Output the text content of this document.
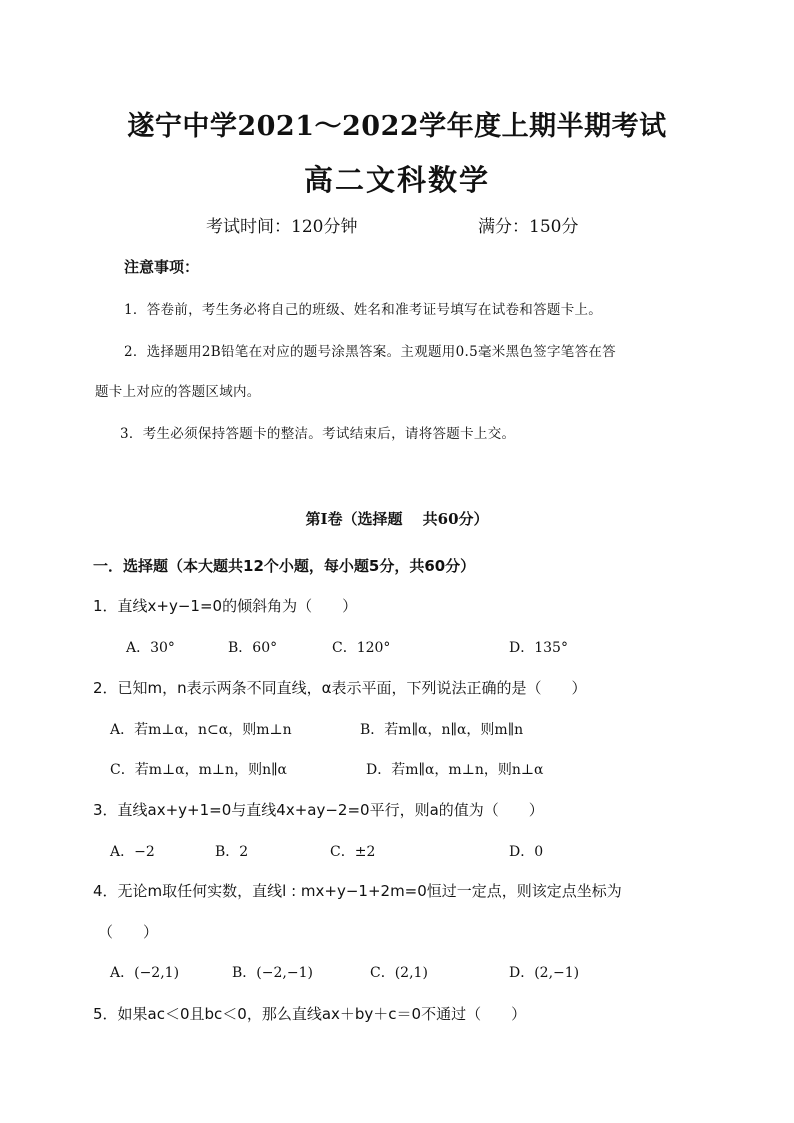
遂宁中学2021～2022学年度上期半期考试
高二文科数学
考试时间：120分钟	满分：150分
注意事项：
1．答卷前，考生务必将自己的班级、姓名和准考证号填写在试卷和答题卡上。
2．选择题用2B铅笔在对应的题号涂黑答案。主观题用0.5毫米黑色签字笔答在答
题卡上对应的答题区域内。
3．考生必须保持答题卡的整洁。考试结束后，请将答题卡上交。
第Ⅰ卷（选择题　 共60分）
一．选择题（本大题共12个小题，每小题5分，共60分）
1．直线x+y−1=0的倾斜角为（　　）
A．30°	B．60°	C．120°	D．135°
2．已知m，n表示两条不同直线，α表示平面，下列说法正确的是（　　）
A．若m⊥α，n⊂α，则m⊥n	B．若m∥α，n∥α，则m∥n
C．若m⊥α，m⊥n，则n∥α	D．若m∥α，m⊥n，则n⊥α
3．直线ax+y+1=0与直线4x+ay−2=0平行，则a的值为（　　）
A．−2	B．2	C．±2	D．0
4．无论m取任何实数，直线l : mx+y−1+2m=0恒过一定点，则该定点坐标为
（　　）
A．(−2,1)	B．(−2,−1)	C．(2,1)	D．(2,−1)
5．如果ac＜0且bc＜0，那么直线ax＋by＋c＝0不通过（　　）
